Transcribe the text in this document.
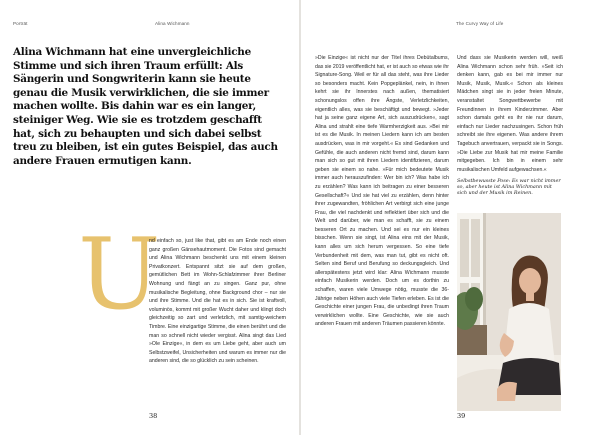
Porträt	Alina Wichmann

Alina Wichmann hat eine unvergleichliche Stimme und sich ihren Traum erfüllt: Als Sängerin und Songwriterin kann sie heute genau die Musik verwirklichen, die sie immer machen wollte. Bis dahin war es ein langer, steiniger Weg. Wie sie es trotzdem geschafft hat, sich zu behaupten und sich dabei selbst treu zu bleiben, ist ein gutes Beispiel, das auch andere Frauen ermutigen kann.

U

nd einfach so, just like that, gibt es am Ende noch einen ganz großen Gänsehautmoment. Die Fotos sind gemacht und Alina Wichmann beschenkt uns mit einem kleinen Privatkonzert. Entspannt sitzt sie auf dem großen, gemütlichen Bett im Wohn-Schlafzimmer ihrer Berliner Wohnung und fängt an zu singen. Ganz pur, ohne musikalische Begleitung, ohne Background chor – nur sie und ihre Stimme. Und die hat es in sich. Sie ist kraftvoll, voluminös, kommt mit großer Wucht daher und klingt doch gleichzeitig so zart und verletzlich, mit samtig-weichem Timbre. Eine einzigartige Stimme, die einen berührt und die man so schnell nicht wieder vergisst. Alina singt das Lied »Ole Einzige«, in dem es um Liebe geht, aber auch um Selbstzweifel, Unsicherheiten und warum es immer nur die anderen sind, die so glücklich zu sein scheinen.

38
The Curvy Way of Life

»Die Einzige« ist nicht nur der Titel ihres Debütalbums, das sie 2019 veröffentlicht hat, er ist auch so etwas wie ihr Signature-Song. Weil er für all das steht, was ihre Lieder so besonders macht. Kein Popgeplänkel, nein, in ihnen kehrt sie ihr Innerstes nach außen, thematisiert schonungslos offen ihre Ängste, Verletzlichkeiten, eigentlich alles, was sie beschäftigt und bewegt. »Jeder hat ja seine ganz eigene Art, sich auszudrücken«, sagt Alina und strahlt eine tiefe Warmherzigkeit aus. »Bei mir ist es die Musik. In meinen Liedern kann ich am besten ausdrücken, was in mir vorgeht.« Es sind Gedanken und Gefühle, die auch anderen nicht fremd sind, darum kann man sich so gut mit ihren Liedern identifizieren, darum geben sie einem so nahe. »Für mich bedeutete Musik immer auch herauszufinden: Wer bin ich? Was habe ich zu erzählen? Was kann ich beitragen zu einer besseren Gesellschaft?« Und sie hat viel zu erzählen, denn hinter ihrer zugewandten, fröhlichen Art verbirgt sich eine junge Frau, die viel nachdenkt und reflektiert über sich und die Welt und darüber, wie man es schafft, sie zu einem besseren Ort zu machen. Und sei es nur ein kleines bisschen. Wenn sie singt, ist Alina eins mit der Musik, kann alles um sich herum vergessen. So eine tiefe Verbundenheit mit dem, was man tut, gibt es nicht oft. Selten sind Beruf und Berufung so deckungsgleich. Und allerspätestens jetzt wird klar: Alina Wichmann musste einfach Musikerin werden. Doch um es dorthin zu schaffen, waren viele Umwege nötig, musste die 36-Jährige neben Höhen auch viele Tiefen erleben. Es ist die Geschichte einer jungen Frau, die unbedingt ihren Traum verwirklichen wollte. Eine Geschichte, wie sie auch anderen Frauen mit anderen Träumen passieren könnte.

Und dass sie Musikerin werden will, weiß Alina Wichmann schon sehr früh. »Seit ich denken kann, gab es bei mir immer nur Musik, Musik, Musik.« Schon als kleines Mädchen singt sie in jeder freien Minute, veranstaltet Songwettbewerbe mit Freundinnen in ihrem Kinderzimmer. Aber schon damals geht es ihr nie nur darum, einfach nur Lieder nachzusingen. Schon früh schreibt sie ihre eigenen. Was andere ihrem Tagebuch anvertrauen, verpackt sie in Songs. »Die Liebe zur Musik hat mir meine Familie mitgegeben. Ich bin in einem sehr musikalischen Umfeld aufgewachsen.«

Selbstbewusste Pose: Es war nicht immer so, aber heute ist Alina Wichmann mit sich und der Musik im Reinen.

39
